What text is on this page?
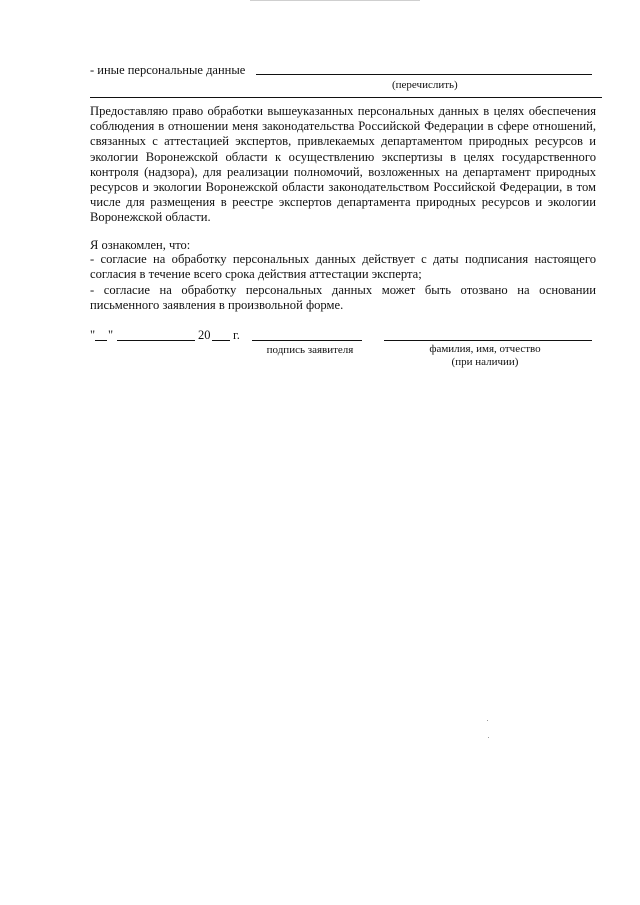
- иные персональные данные
(перечислить)

Предоставляю право обработки вышеуказанных персональных данных в целях обеспечения соблюдения в отношении меня законодательства Российской Федерации в сфере отношений, связанных с аттестацией экспертов, привлекаемых департаментом природных ресурсов и экологии Воронежской области к осуществлению экспертизы в целях государственного контроля (надзора), для реализации полномочий, возложенных на департамент природных ресурсов и экологии Воронежской области законодательством Российской Федерации, в том числе для размещения в реестре экспертов департамента природных ресурсов и экологии Воронежской области.

Я ознакомлен, что:

- согласие на обработку персональных данных действует с даты подписания настоящего согласия в течение всего срока действия аттестации эксперта;

- согласие на обработку персональных данных может быть отозвано на основании письменного заявления в произвольной форме.

" "	20 г.
подпись заявителя	фамилия, имя, отчество
(при наличии)
